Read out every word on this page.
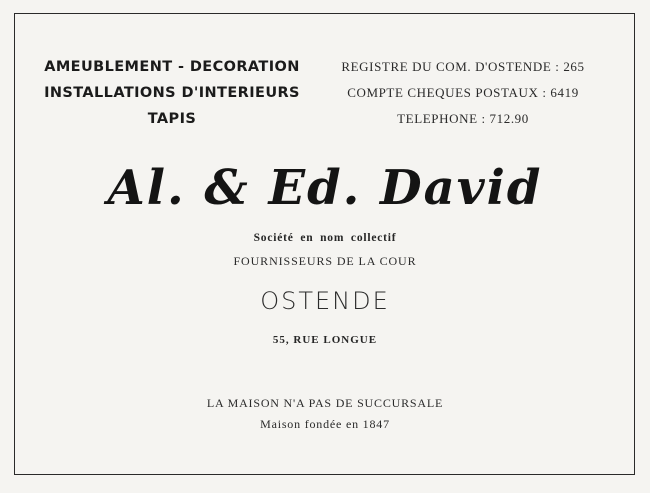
AMEUBLEMENT - DECORATION
INSTALLATIONS D'INTERIEURS
TAPIS
REGISTRE DU COM. D'OSTENDE : 265
COMPTE CHEQUES POSTAUX : 6419
TELEPHONE : 712.90
Al. & Ed. David
Société en nom collectif
FOURNISSEURS DE LA COUR
OSTENDE
55, RUE LONGUE
LA MAISON N'A PAS DE SUCCURSALE
Maison fondée en 1847
